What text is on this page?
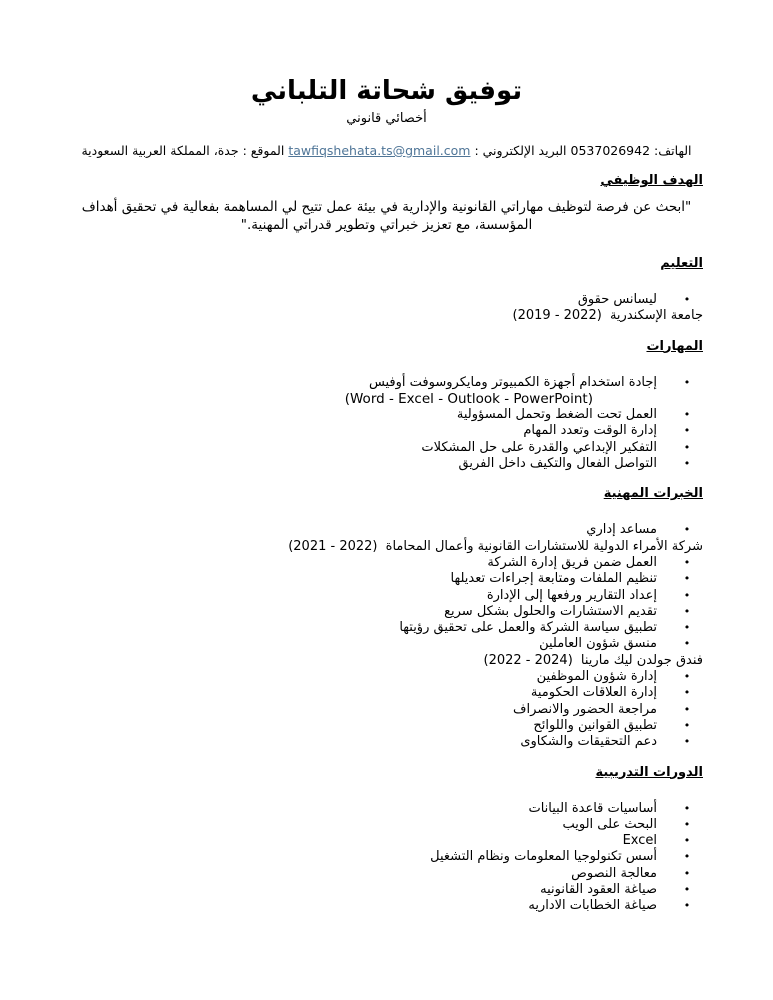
توفيق شحاتة التلباني
أخصائي قانوني
الهاتف: 0537026942 البريد الإلكتروني : tawfiqshehata.ts@gmail.com الموقع : جدة، المملكة العربية السعودية
الهدف الوظيفي

"ابحث عن فرصة لتوظيف مهاراتي القانونية والإدارية في بيئة عمل تتيح لي المساهمة بفعالية في تحقيق أهداف المؤسسة، مع تعزيز خبراتي وتطوير قدراتي المهنية."

التعليم
•
ليسانس حقوق
جامعة الإسكندرية (2019 - 2022)
المهارات
•
إجادة استخدام أجهزة الكمبيوتر ومايكروسوفت أوفيس
(Word - Excel - Outlook - PowerPoint)
•
العمل تحت الضغط وتحمل المسؤولية
•
إدارة الوقت وتعدد المهام
•
التفكير الإبداعي والقدرة على حل المشكلات
•
التواصل الفعال والتكيف داخل الفريق
الخبرات المهنية
•
مساعد إداري
شركة الأمراء الدولية للاستشارات القانونية وأعمال المحاماة (2021 - 2022)
•
العمل ضمن فريق إدارة الشركة
•
تنظيم الملفات ومتابعة إجراءات تعديلها
•
إعداد التقارير ورفعها إلى الإدارة
•
تقديم الاستشارات والحلول بشكل سريع
•
تطبيق سياسة الشركة والعمل على تحقيق رؤيتها
•
منسق شؤون العاملين
فندق جولدن ليك مارينا (2022 - 2024)
•
إدارة شؤون الموظفين
•
إدارة العلاقات الحكومية
•
مراجعة الحضور والانصراف
•
تطبيق القوانين واللوائح
•
دعم التحقيقات والشكاوى
الدورات التدريبية
•
أساسيات قاعدة البيانات
•
البحث على الويب
•
Excel
•
أسس تكنولوجيا المعلومات ونظام التشغيل
•
معالجة النصوص
•
صياغة العقود القانونيه
•
صياغة الخطابات الاداريه
